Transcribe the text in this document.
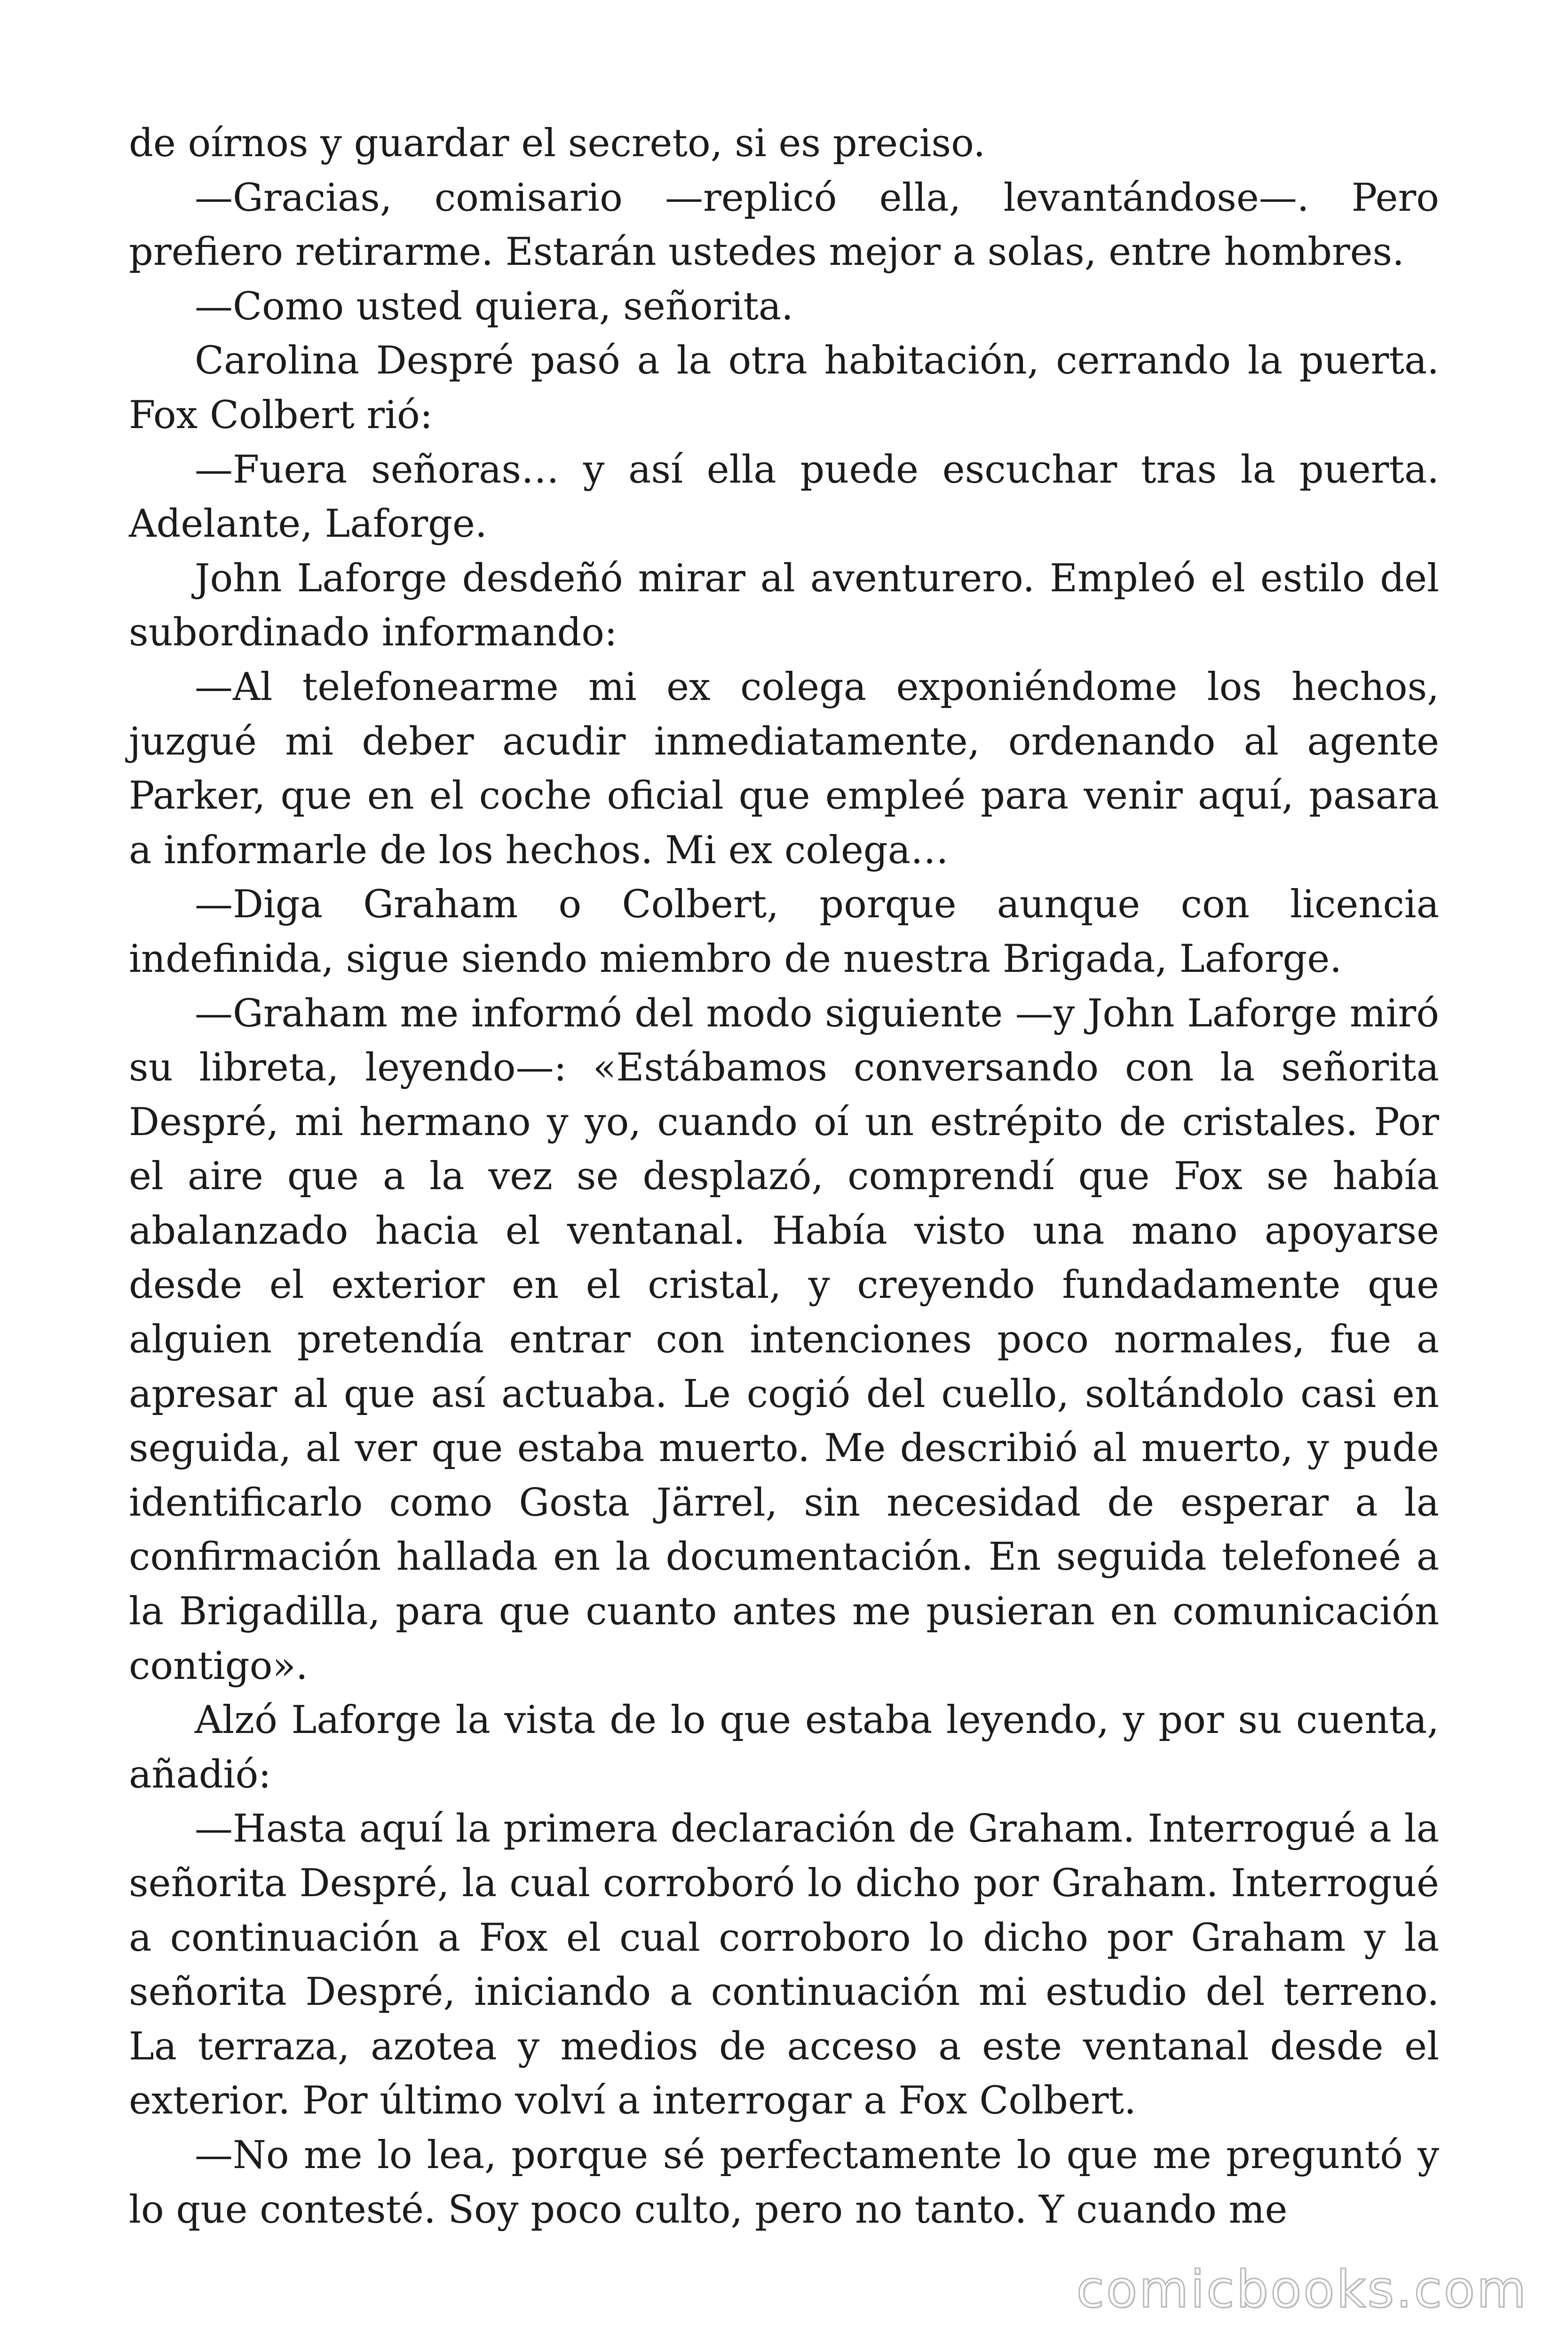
de oírnos y guardar el secreto, si es preciso.

—Gracias, comisario —replicó ella, levantándose—. Pero prefiero retirarme. Estarán ustedes mejor a solas, entre hombres.

—Como usted quiera, señorita.

Carolina Despré pasó a la otra habitación, cerrando la puerta. Fox Colbert rió:

—Fuera señoras… y así ella puede escuchar tras la puerta. Adelante, Laforge.

John Laforge desdeñó mirar al aventurero. Empleó el estilo del subordinado informando:

—Al telefonearme mi ex colega exponiéndome los hechos, juzgué mi deber acudir inmediatamente, ordenando al agente Parker, que en el coche oficial que empleé para venir aquí, pasara a informarle de los hechos. Mi ex colega…

—Diga Graham o Colbert, porque aunque con licencia indefinida, sigue siendo miembro de nuestra Brigada, Laforge.

—Graham me informó del modo siguiente —y John Laforge miró su libreta, leyendo—: «Estábamos conversando con la señorita Despré, mi hermano y yo, cuando oí un estrépito de cristales. Por el aire que a la vez se desplazó, comprendí que Fox se había abalanzado hacia el ventanal. Había visto una mano apoyarse desde el exterior en el cristal, y creyendo fundadamente que alguien pretendía entrar con intenciones poco normales, fue a apresar al que así actuaba. Le cogió del cuello, soltándolo casi en seguida, al ver que estaba muerto. Me describió al muerto, y pude identificarlo como Gosta Järrel, sin necesidad de esperar a la confirmación hallada en la documentación. En seguida telefoneé a la Brigadilla, para que cuanto antes me pusieran en comunicación contigo».

Alzó Laforge la vista de lo que estaba leyendo, y por su cuenta, añadió:

—Hasta aquí la primera declaración de Graham. Interrogué a la señorita Despré, la cual corroboró lo dicho por Graham. Interrogué a continuación a Fox el cual corroboro lo dicho por Graham y la señorita Despré, iniciando a continuación mi estudio del terreno. La terraza, azotea y medios de acceso a este ventanal desde el exterior. Por último volví a interrogar a Fox Colbert.

—No me lo lea, porque sé perfectamente lo que me preguntó y lo que contesté. Soy poco culto, pero no tanto. Y cuando me

comicbooks.com
